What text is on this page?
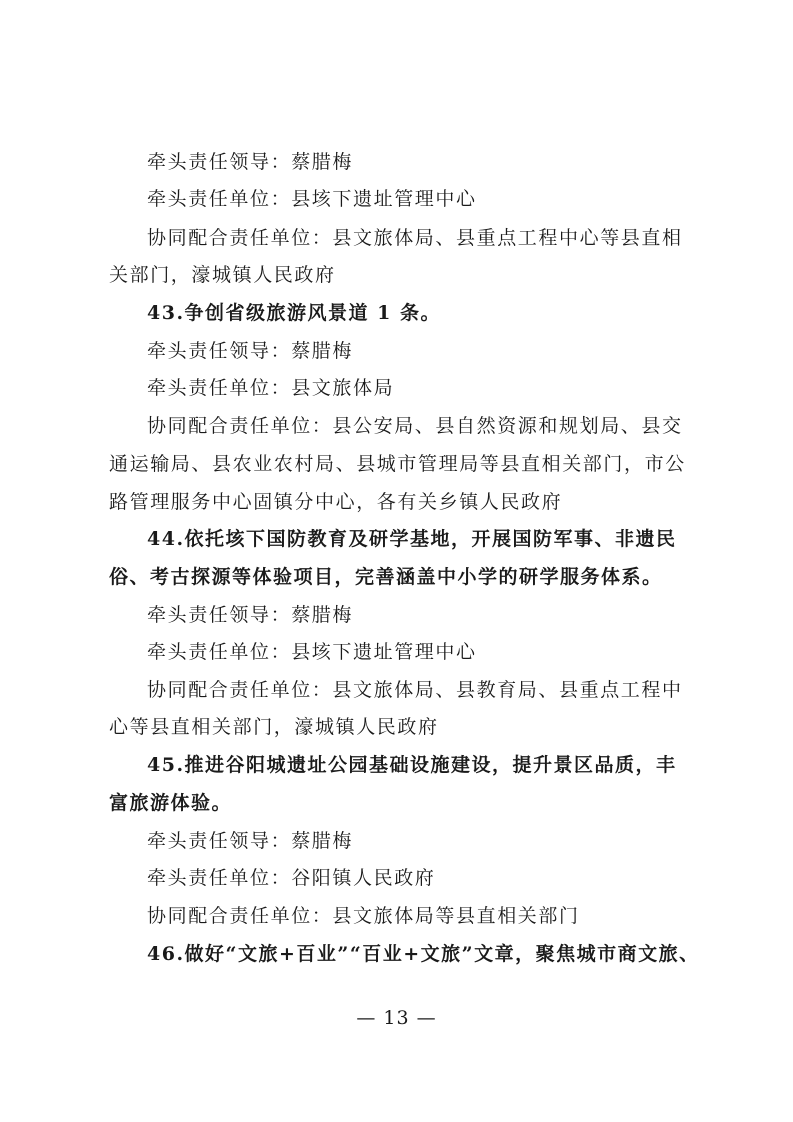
牵头责任领导：蔡腊梅
牵头责任单位：县垓下遗址管理中心
协同配合责任单位：县文旅体局、县重点工程中心等县直相
关部门，濠城镇人民政府
43.争创省级旅游风景道 1 条。
牵头责任领导：蔡腊梅
牵头责任单位：县文旅体局
协同配合责任单位：县公安局、县自然资源和规划局、县交
通运输局、县农业农村局、县城市管理局等县直相关部门，市公
路管理服务中心固镇分中心，各有关乡镇人民政府
44.依托垓下国防教育及研学基地，开展国防军事、非遗民
俗、考古探源等体验项目，完善涵盖中小学的研学服务体系。
牵头责任领导：蔡腊梅
牵头责任单位：县垓下遗址管理中心
协同配合责任单位：县文旅体局、县教育局、县重点工程中
心等县直相关部门，濠城镇人民政府
45.推进谷阳城遗址公园基础设施建设，提升景区品质，丰
富旅游体验。
牵头责任领导：蔡腊梅
牵头责任单位：谷阳镇人民政府
协同配合责任单位：县文旅体局等县直相关部门
46.做好“文旅+百业”“百业+文旅”文章，聚焦城市商文旅、
— 13 —
